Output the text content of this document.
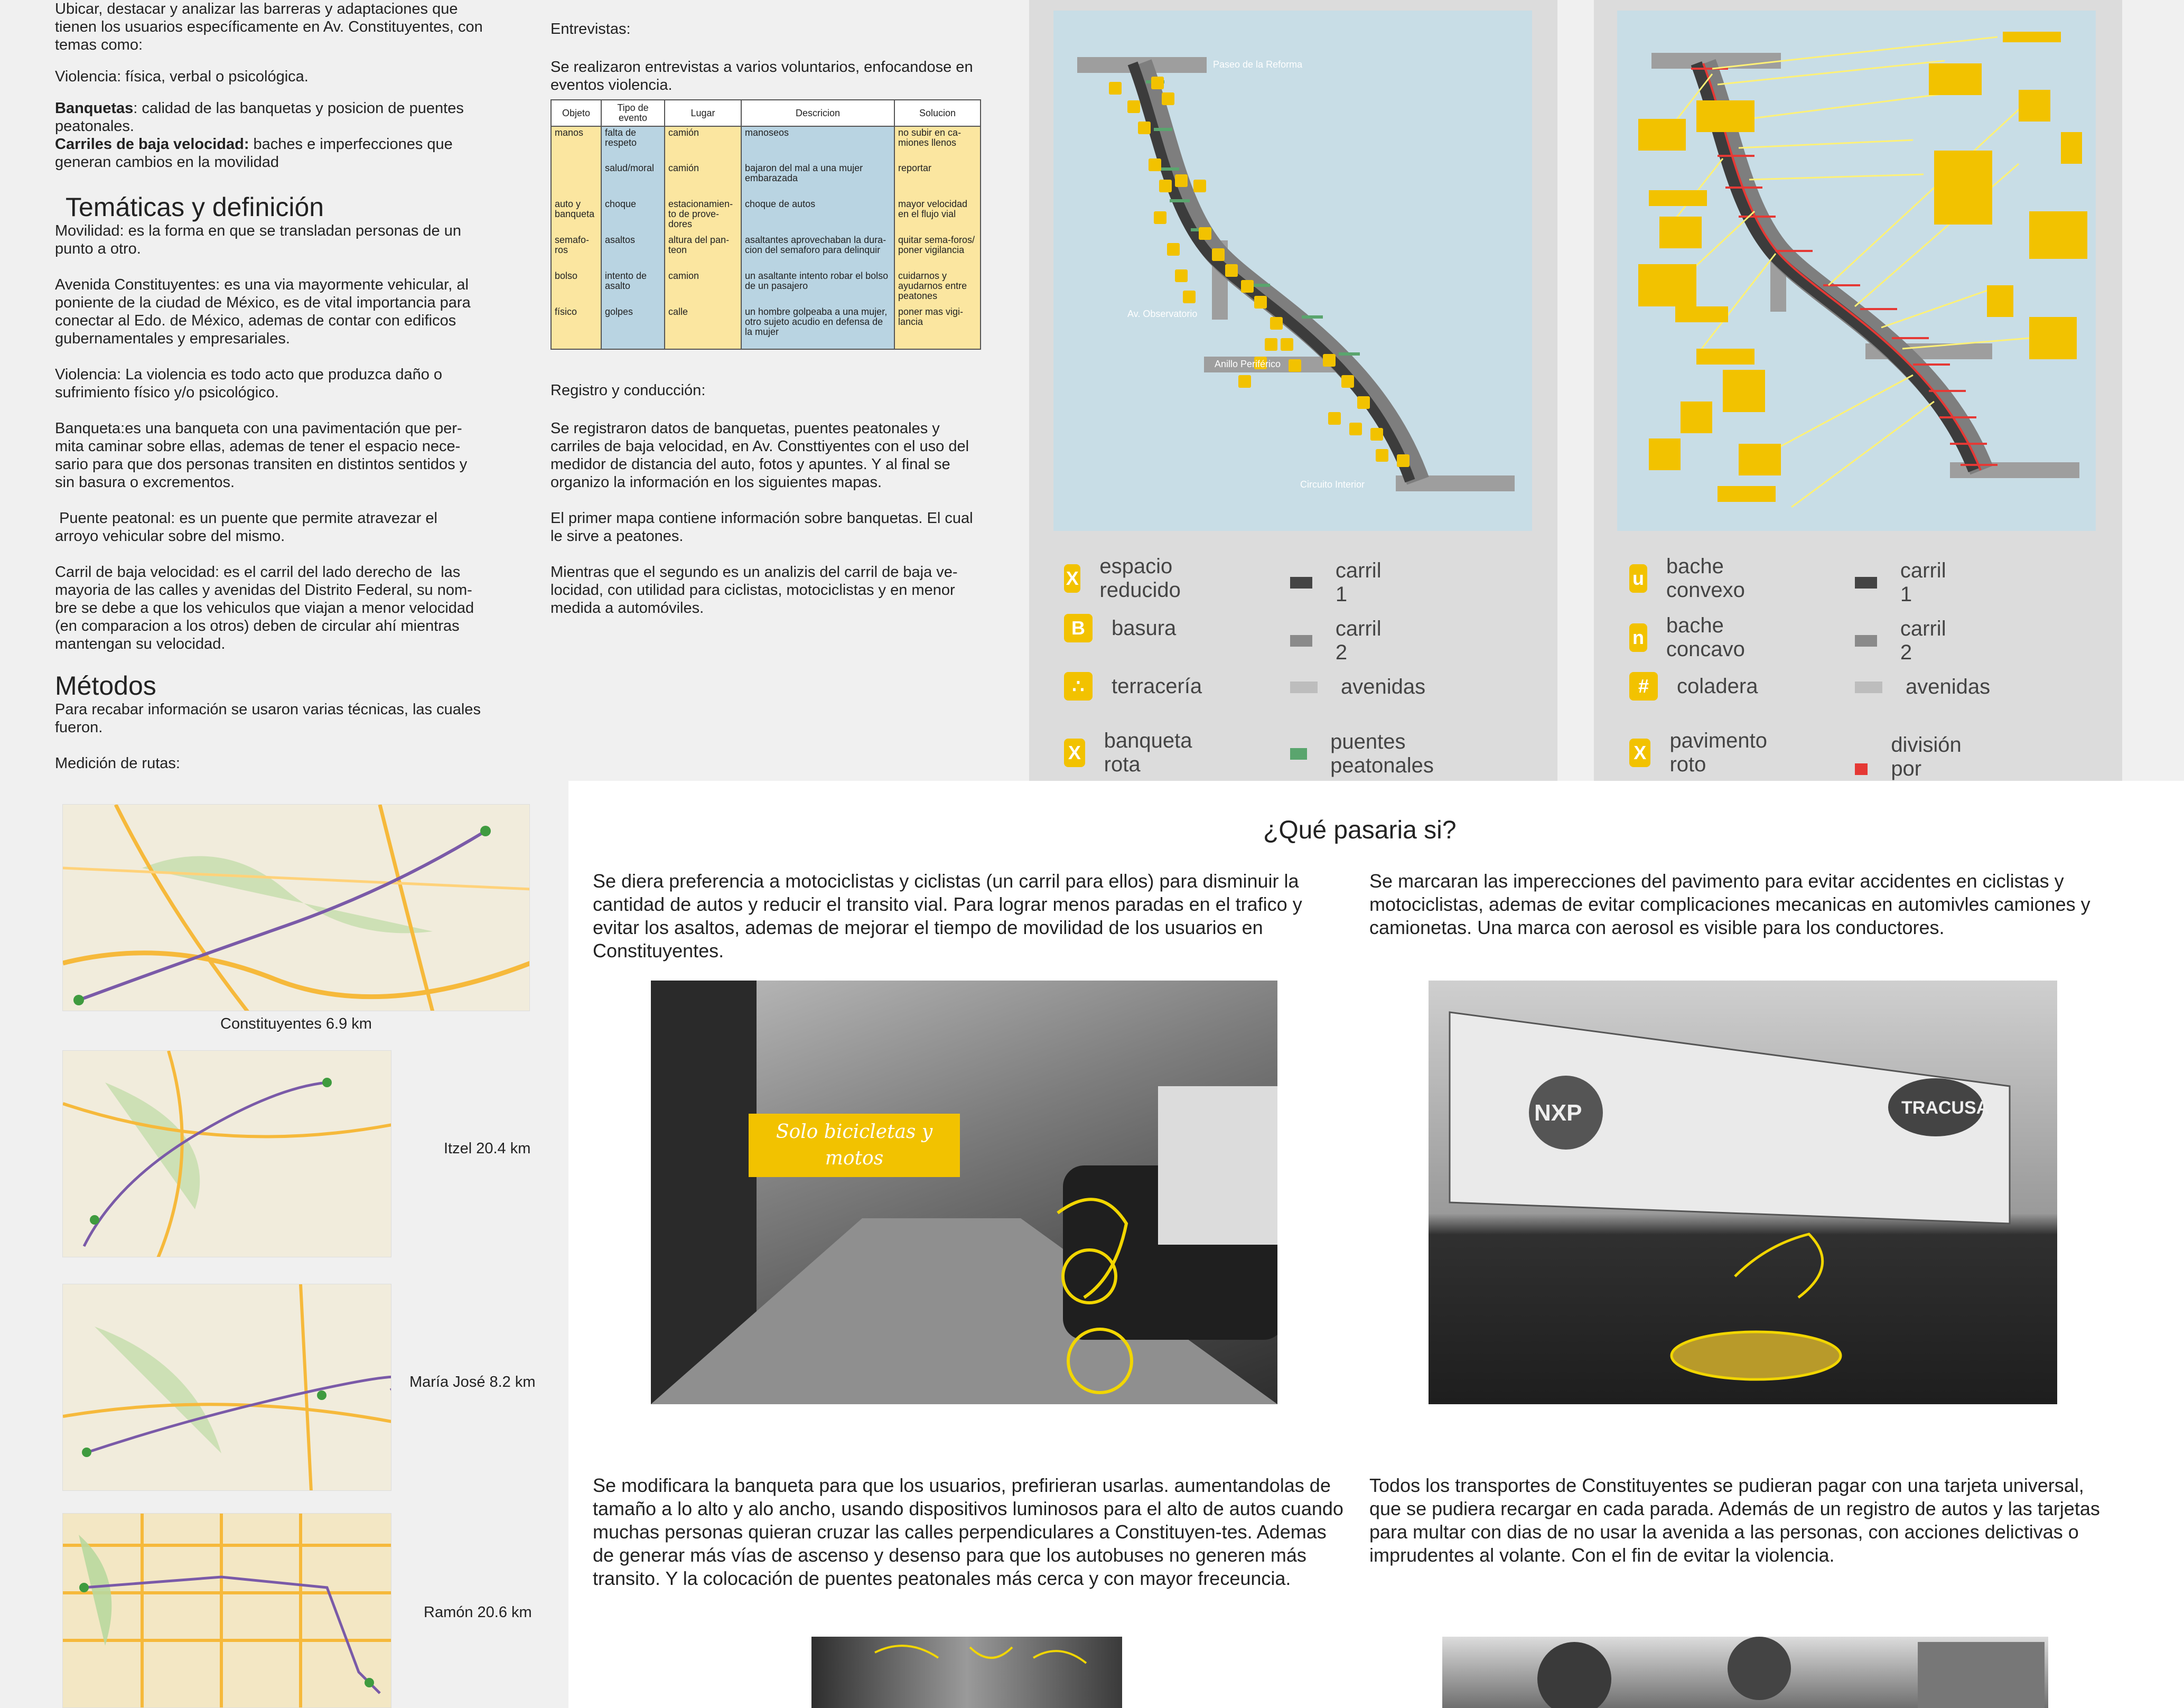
Ubicar, destacar y analizar las barreras y adaptaciones que tienen los usuarios específicamente en Av. Constituyentes, con temas como:

Violencia: física, verbal o psicológica.

Banquetas: calidad de las banquetas y posicion de puentes peatonales.
Carriles de baja velocidad: baches e imperfecciones que generan cambios en la movilidad
Temáticas y definición

Movilidad: es la forma en que se transladan personas de un punto a otro.

Avenida Constituyentes: es una via mayormente vehicular, al poniente de la ciudad de México, es de vital importancia para conectar al Edo. de México, ademas de contar con edificos gubernamentales y empresariales.

Violencia: La violencia es todo acto que produzca daño o sufrimiento físico y/o psicológico.

Banqueta:es una banqueta con una pavimentación que per-mita caminar sobre ellas, ademas de tener el espacio nece-sario para que dos personas transiten en distintos sentidos y sin basura o excrementos.

Puente peatonal: es un puente que permite atravezar el arroyo vehicular sobre del mismo.

Carril de baja velocidad: es el carril del lado derecho de  las mayoria de las calles y avenidas del Distrito Federal, su nom-bre se debe a que los vehiculos que viajan a menor velocidad (en comparacion a los otros) deben de circular ahí mientras mantengan su velocidad.

Métodos

Para recabar información se usaron varias técnicas, las cuales fueron.

Medición de rutas:

Constituyentes 6.9 km
Itzel 20.4 km
María José 8.2 km
Ramón 20.6 km

Entrevistas:

Se realizaron entrevistas a varios voluntarios, enfocandose en eventos violencia.

Objeto	Tipo de evento	Lugar	Descricion	Solucion
manos	falta de respeto	camión	manoseos	no subir en ca-miones llenos
	salud/moral	camión	bajaron del mal a una mujer embarazada	reportar
auto y banqueta	choque	estacionamien-to de prove-dores	choque de autos	mayor velocidad en el flujo vial
semafo-ros	asaltos	altura del pan-teon	asaltantes aprovechaban la dura-cion del semaforo para delinquir	quitar sema-foros/ poner vigilancia
bolso	intento de asalto	camion	un asaltante intento robar el bolso de un pasajero	cuidarnos y ayudarnos entre peatones
físico	golpes	calle	un hombre golpeaba a una mujer, otro sujeto acudio en defensa de la mujer	poner mas vigi-lancia

Registro y conducción:

Se registraron datos de banquetas, puentes peatonales y carriles de baja velocidad, en Av. Consttiyentes con el uso del medidor de distancia del auto, fotos y apuntes. Y al final se organizo la información en los siguientes mapas.

El primer mapa contiene información sobre banquetas. El cual le sirve a peatones.

Mientras que el segundo es un analizis del carril de baja ve-locidad, con utilidad para ciclistas, motociclistas y en menor medida a automóviles.

Paseo de la Reforma
Av. Observatorio
Anillo Periférico
Circuito Interior
X
espacio reducido
B	basura
∴	terracería
X
banqueta rota
carril 1
carril 2
avenidas
puentes peatonales
u
bache convexo
n
bache concavo
#	coladera
X
pavimento roto
carril 1
carril 2
avenidas
división por
¿Qué pasaria si?
Se diera preferencia a motociclistas y ciclistas (un carril para ellos) para disminuir la cantidad de autos y reducir el transito vial. Para lograr menos paradas en el trafico y evitar los asaltos, ademas de mejorar el tiempo de movilidad de los usuarios en Constituyentes.
Se marcaran las imperecciones del pavimento para evitar accidentes en ciclistas y motociclistas, ademas de evitar complicaciones mecanicas en automivles camiones y camionetas. Una marca con aerosol es visible para los conductores.
Solo bicicletas y motos
NXP	TRACUSA
Se modificara la banqueta para que los usuarios, prefirieran usarlas. aumentandolas de tamaño a lo alto y alo ancho, usando dispositivos luminosos para el alto de autos cuando muchas personas quieran cruzar las calles perpendiculares a Constituyen-tes. Ademas de generar más vías de ascenso y desenso para que los autobuses no generen más transito. Y la colocación de puentes peatonales más cerca y con mayor freceuncia.
Todos los transportes de Constituyentes se pudieran pagar con una tarjeta universal, que se pudiera recargar en cada parada. Además de un registro de autos y las tarjetas para multar con dias de no usar la avenida a las personas, con acciones delictivas o imprudentes al volante. Con el fin de evitar la violencia.
